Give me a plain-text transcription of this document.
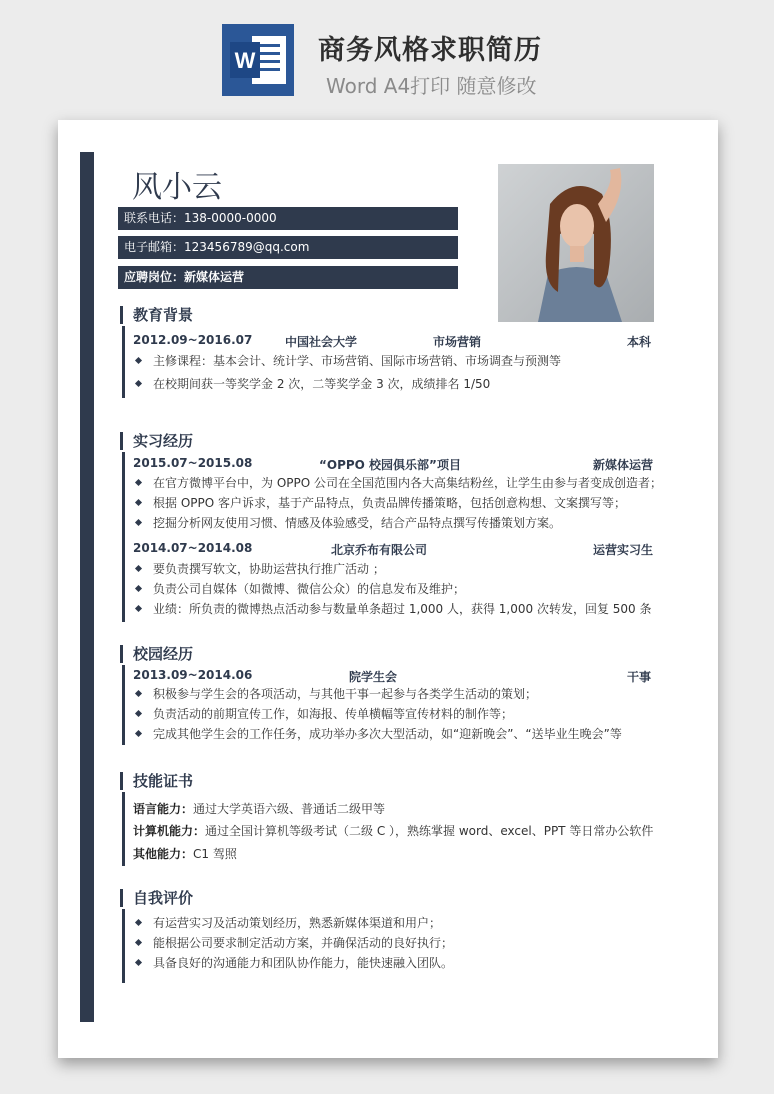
W 商务风格求职简历
Word A4打印 随意修改
风小云
联系电话：138-0000-0000
电子邮箱：123456789@qq.com
应聘岗位：新媒体运营
教育背景
2012.09~2016.07	中国社会大学	市场营销	本科
主修课程：基本会计、统计学、市场营销、国际市场营销、市场调查与预测等
在校期间获一等奖学金 2 次，二等奖学金 3 次，成绩排名 1/50
实习经历
2015.07~2015.08	“OPPO 校园俱乐部”项目	新媒体运营
在官方微博平台中，为 OPPO 公司在全国范围内各大高集结粉丝，让学生由参与者变成创造者；
根据 OPPO 客户诉求，基于产品特点，负责品牌传播策略，包括创意构想、文案撰写等；
挖掘分析网友使用习惯、情感及体验感受，结合产品特点撰写传播策划方案。
2014.07~2014.08	北京乔布有限公司	运营实习生
要负责撰写软文，协助运营执行推广活动 ；
负责公司自媒体（如微博、微信公众）的信息发布及维护；
业绩：所负责的微博热点活动参与数量单条超过 1,000 人，获得 1,000 次转发，回复 500 条
校园经历
2013.09~2014.06	院学生会	干事
积极参与学生会的各项活动，与其他干事一起参与各类学生活动的策划；
负责活动的前期宣传工作，如海报、传单横幅等宣传材料的制作等；
完成其他学生会的工作任务，成功举办多次大型活动，如“迎新晚会”、“送毕业生晚会”等
技能证书
语言能力：通过大学英语六级、普通话二级甲等
计算机能力：通过全国计算机等级考试（二级 C ），熟练掌握 word、excel、PPT 等日常办公软件
其他能力：C1 驾照
自我评价
有运营实习及活动策划经历，熟悉新媒体渠道和用户；
能根据公司要求制定活动方案，并确保活动的良好执行；
具备良好的沟通能力和团队协作能力，能快速融入团队。
